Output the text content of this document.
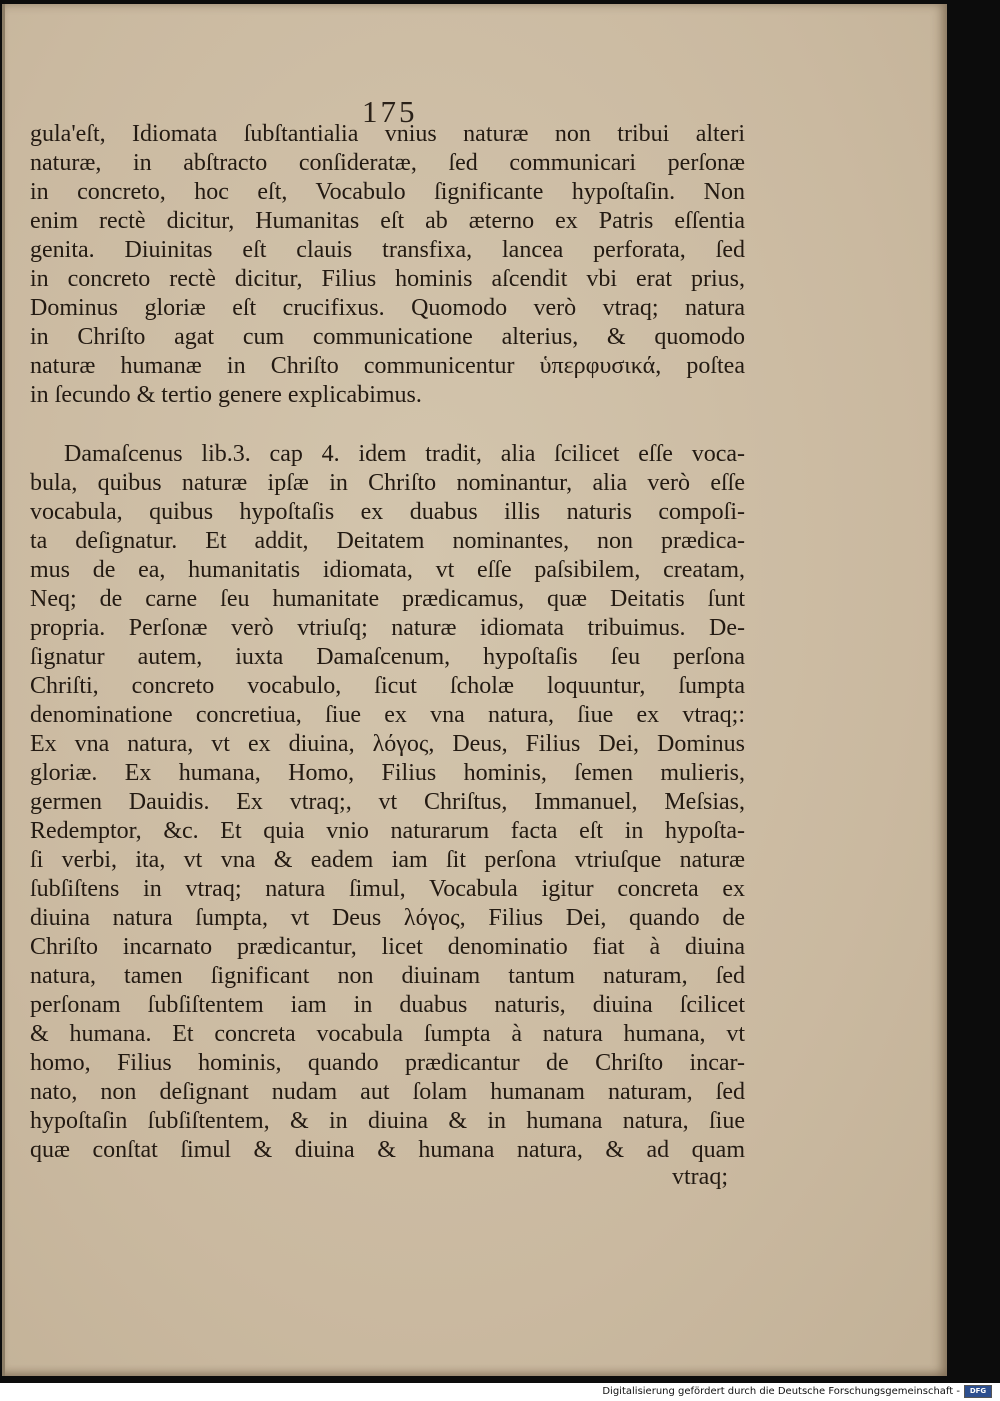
175
gula'eſt, Idiomata ſubſtantialia vnius naturæ non tribui alteri
naturæ, in abſtracto conſideratæ, ſed communicari perſonæ
in concreto, hoc eſt, Vocabulo ſignificante hypoſtaſin. Non
enim rectè dicitur, Humanitas eſt ab æterno ex Patris eſſentia
genita. Diuinitas eſt clauis transfixa, lancea perforata, ſed
in concreto rectè dicitur, Filius hominis aſcendit vbi erat prius,
Dominus gloriæ eſt crucifixus. Quomodo verò vtraq; natura
in Chriſto agat cum communicatione alterius, & quomodo
naturæ humanæ in Chriſto communicentur ὑπερφυσικά, poſtea
in ſecundo & tertio genere explicabimus.
Damaſcenus lib.3. cap 4. idem tradit, alia ſcilicet eſſe voca-
bula, quibus naturæ ipſæ in Chriſto nominantur, alia verò eſſe
vocabula, quibus hypoſtaſis ex duabus illis naturis compoſi-
ta deſignatur. Et addit, Deitatem nominantes, non prædica-
mus de ea, humanitatis idiomata, vt eſſe paſsibilem, creatam,
Neq; de carne ſeu humanitate prædicamus, quæ Deitatis ſunt
propria. Perſonæ verò vtriuſq; naturæ idiomata tribuimus. De-
ſignatur autem, iuxta Damaſcenum, hypoſtaſis ſeu perſona
Chriſti, concreto vocabulo, ſicut ſcholæ loquuntur, ſumpta
denominatione concretiua, ſiue ex vna natura, ſiue ex vtraq;:
Ex vna natura, vt ex diuina, λόγος, Deus, Filius Dei, Dominus
gloriæ. Ex humana, Homo, Filius hominis, ſemen mulieris,
germen Dauidis. Ex vtraq;, vt Chriſtus, Immanuel, Meſsias,
Redemptor, &c. Et quia vnio naturarum facta eſt in hypoſta-
ſi verbi, ita, vt vna & eadem iam ſit perſona vtriuſque naturæ
ſubſiſtens in vtraq; natura ſimul, Vocabula igitur concreta ex
diuina natura ſumpta, vt Deus λόγος, Filius Dei, quando de
Chriſto incarnato prædicantur, licet denominatio fiat à diuina
natura, tamen ſignificant non diuinam tantum naturam, ſed
perſonam ſubſiſtentem iam in duabus naturis, diuina ſcilicet
& humana. Et concreta vocabula ſumpta à natura humana, vt
homo, Filius hominis, quando prædicantur de Chriſto incar-
nato, non deſignant nudam aut ſolam humanam naturam, ſed
hypoſtaſin ſubſiſtentem, & in diuina & in humana natura, ſiue
quæ conſtat ſimul & diuina & humana natura, & ad quam
vtraq;
Digitalisierung gefördert durch die Deutsche Forschungsgemeinschaft -	DFG
